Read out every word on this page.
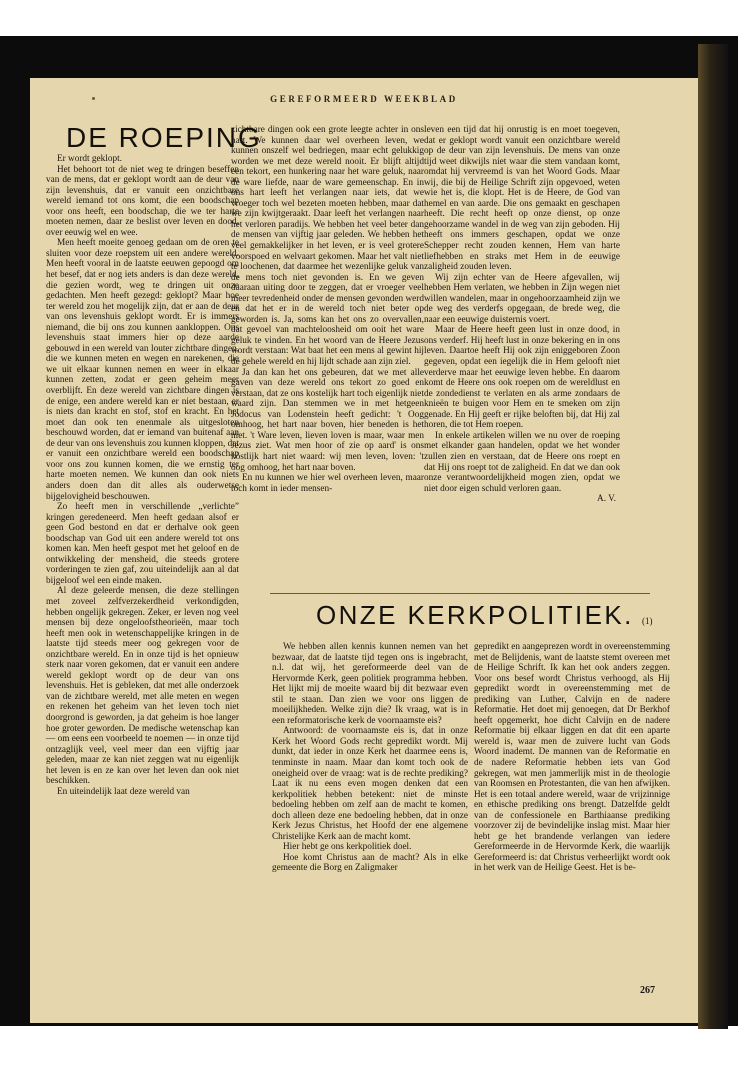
GEREFORMEERD WEEKBLAD
DE ROEPING

Er wordt geklopt.

Het behoort tot de niet weg te dringen beseffen van de mens, dat er geklopt wordt aan de deur van zijn levenshuis, dat er vanuit een onzichtbare wereld iemand tot ons komt, die een boodschap voor ons heeft, een boodschap, die we ter harte moeten nemen, daar ze beslist over leven en dood, over eeuwig wel en wee.

Men heeft moeite genoeg gedaan om de oren te sluiten voor deze roepstem uit een andere wereld. Men heeft vooral in de laatste eeuwen gepoogd om het besef, dat er nog iets anders is dan deze wereld, die gezien wordt, weg te dringen uit onze gedachten. Men heeft gezegd: geklopt? Maar hoe ter wereld zou het mogelijk zijn, dat er aan de deur van ons levenshuis geklopt wordt. Er is immers niemand, die bij ons zou kunnen aankloppen. Ons levenshuis staat immers hier op deze aarde gebouwd in een wereld van louter zichtbare dingen, die we kunnen meten en wegen en narekenen, die we uit elkaar kunnen nemen en weer in elkaar kunnen zetten, zodat er geen geheim meer overblijft. En deze wereld van zichtbare dingen is de enige, een andere wereld kan er niet bestaan, er is niets dan kracht en stof, stof en kracht. En het moet dan ook ten enenmale als uitgesloten beschouwd worden, dat er iemand van buitenaf aan de deur van ons levenshuis zou kunnen kloppen, dat er vanuit een onzichtbare wereld een boodschap voor ons zou kunnen komen, die we ernstig ter harte moeten nemen. We kunnen dan ook niets anders doen dan dit alles als ouderwetse bijgelovigheid beschouwen.

Zo heeft men in verschillende „verlichte” kringen geredeneerd. Men heeft gedaan alsof er geen God bestond en dat er derhalve ook geen boodschap van God uit een andere wereld tot ons komen kan. Men heeft gespot met het geloof en de ontwikkeling der mensheid, die steeds grotere vorderingen te zien gaf, zou uiteindelijk aan al dat bijgeloof wel een einde maken.

Al deze geleerde mensen, die deze stellingen met zoveel zelfverzekerdheid verkondigden, hebben ongelijk gekregen. Zeker, er leven nog veel mensen bij deze ongeloofstheorieën, maar toch heeft men ook in wetenschappelijke kringen in de laatste tijd steeds meer oog gekregen voor de onzichtbare wereld. En in onze tijd is het opnieuw sterk naar voren gekomen, dat er vanuit een andere wereld geklopt wordt op de deur van ons levenshuis. Het is gebleken, dat met alle onderzoek van de zichtbare wereld, met alle meten en wegen en rekenen het geheim van het leven toch niet doorgrond is geworden, ja dat geheim is hoe langer hoe groter geworden. De medische wetenschap kan — om eens een voorbeeld te noemen — in onze tijd ontzaglijk veel, veel meer dan een vijftig jaar geleden, maar ze kan niet zeggen wat nu eigenlijk het leven is en ze kan over het leven dan ook niet beschikken.

En uiteindelijk laat deze wereld van

zichtbare dingen ook een grote leegte achter in ons hart. We kunnen daar wel overheen leven, we kunnen onszelf wel bedriegen, maar echt gelukkig worden we met deze wereld nooit. Er blijft altijd een tekort, een hunkering naar het ware geluk, naar de ware liefde, naar de ware gemeenschap. En in ons hart leeft het verlangen naar iets, dat we vroeger toch wel bezeten moeten hebben, maar dat we zijn kwijtgeraakt. Daar leeft het verlangen naar het verloren paradijs. We hebben het veel beter dan de mensen van vijftig jaar geleden. We hebben het veel gemakkelijker in het leven, er is veel grotere voorspoed en welvaart gekomen. Maar het valt niet te loochenen, dat daarmee het wezenlijke geluk van de mens toch niet gevonden is. En we geven daaraan uiting door te zeggen, dat er vroeger veel meer tevredenheid onder de mensen gevonden werd en dat het er in de wereld toch niet beter op geworden is. Ja, soms kan het ons zo overvallen, dat gevoel van machteloosheid om ooit het ware geluk te vinden. En het woord van de Heere Jezus wordt verstaan: Wat baat het een mens al gewint hij de gehele wereld en hij lijdt schade aan zijn ziel.

Ja dan kan het ons gebeuren, dat we met alle gaven van deze wereld ons tekort zo goed en verstaan, dat ze ons kostelijk hart toch eigenlijk niet waard zijn. Dan stemmen we in met hetgeen Jodocus van Lodenstein heeft gedicht: 't Oog omhoog, het hart naar boven, hier beneden is het niet. 't Ware leven, lieven loven is maar, waar men Jezus ziet. Wat men hoor of zie op aard' is ons köstlijk hart niet waard: wij men leven, loven: 't oog omhoog, het hart naar boven.

En nu kunnen we hier wel overheen leven, maar toch komt in ieder mensen-

leven een tijd dat hij onrustig is en moet toegeven, dat er geklopt wordt vanuit een onzichtbare wereld op de deur van zijn levenshuis. De mens van onze tijd weet dikwijls niet waar die stem vandaan komt, omdat hij vervreemd is van het Woord Gods. Maar wij, die bij de Heilige Schrift zijn opgevoed, weten wie het is, die klopt. Het is de Heere, de God van hemel en van aarde. Die ons gemaakt en geschapen heeft. Die recht heeft op onze dienst, op onze gehoorzame wandel in de weg van zijn geboden. Hij heeft ons immers geschapen, opdat we onze Schepper recht zouden kennen, Hem van harte liefhebben en straks met Hem in de eeuwige zaligheid zouden leven.

Wij zijn echter van de Heere afgevallen, wij hebben Hem verlaten, we hebben in Zijn wegen niet willen wandelen, maar in ongehoorzaamheid zijn we de weg des verderfs opgegaan, de brede weg, die naar een eeuwige duisternis voert.

Maar de Heere heeft geen lust in onze dood, in ons verderf. Hij heeft lust in onze bekering en in ons leven. Daartoe heeft Hij ook zijn eniggeboren Zoon gegeven, opdat een iegelijk die in Hem gelooft niet verderve maar het eeuwige leven hebbe. En daarom komt de Heere ons ook roepen om de wereldlust en de zondedienst te verlaten en als arme zondaars de knieën te buigen voor Hem en te smeken om zijn genade. En Hij geeft er rijke beloften bij, dat Hij zal horen, die tot Hem roepen.

In enkele artikelen willen we nu over de roeping met elkander gaan handelen, opdat we het wonder zullen zien en verstaan, dat de Heere ons roept en dat Hij ons roept tot de zaligheid. En dat we dan ook onze verantwoordelijkheid mogen zien, opdat we niet door eigen schuld verloren gaan.

A. V.

ONZE KERKPOLITIEK. (1)

We hebben allen kennis kunnen nemen van het bezwaar, dat de laatste tijd tegen ons is ingebracht, n.l. dat wij, het gereformeerde deel van de Hervormde Kerk, geen politiek programma hebben. Het lijkt mij de moeite waard bij dit bezwaar even stil te staan. Dan zien we voor ons liggen de moeilijkheden. Welke zijn die? Ik vraag, wat is in een reformatorische kerk de voornaamste eis?

Antwoord: de voornaamste eis is, dat in onze Kerk het Woord Gods recht gepredikt wordt. Mij dunkt, dat ieder in onze Kerk het daarmee eens is, tenminste in naam. Maar dan komt toch ook de oneigheid over de vraag: wat is de rechte prediking? Laat ik nu eens even mogen denken dat een kerkpolitiek hebben betekent: niet de minste bedoeling hebben om zelf aan de macht te komen, doch alleen deze ene bedoeling hebben, dat in onze Kerk Jezus Christus, het Hoofd der ene algemene Christelijke Kerk aan de macht komt.

Hier hebt ge ons kerkpolitiek doel.

Hoe komt Christus aan de macht? Als in elke gemeente die Borg en Zaligmaker

gepredikt en aangeprezen wordt in overeenstemming met de Belijdenis, want de laatste stemt overeen met de Heilige Schrift. Ik kan het ook anders zeggen. Voor ons besef wordt Christus verhoogd, als Hij gepredikt wordt in overeenstemming met de prediking van Luther, Calvijn en de nadere Reformatie. Het doet mij genoegen, dat Dr Berkhof heeft opgemerkt, hoe dicht Calvijn en de nadere Reformatie bij elkaar liggen en dat dit een aparte wereld is, waar men de zuivere lucht van Gods Woord inademt. De mannen van de Reformatie en de nadere Reformatie hebben iets van God gekregen, wat men jammerlijk mist in de theologie van Roomsen en Protestanten, die van hen afwijken. Het is een totaal andere wereld, waar de vrijzinnige en ethische prediking ons brengt. Datzelfde geldt van de confessionele en Barthiaanse prediking voorzover zij de bevindelijke inslag mist. Maar hier hebt ge het brandende verlangen van iedere Gereformeerde in de Hervormde Kerk, die waarlijk Gereformeerd is: dat Christus verheerlijkt wordt ook in het werk van de Heilige Geest. Het is be-

267
